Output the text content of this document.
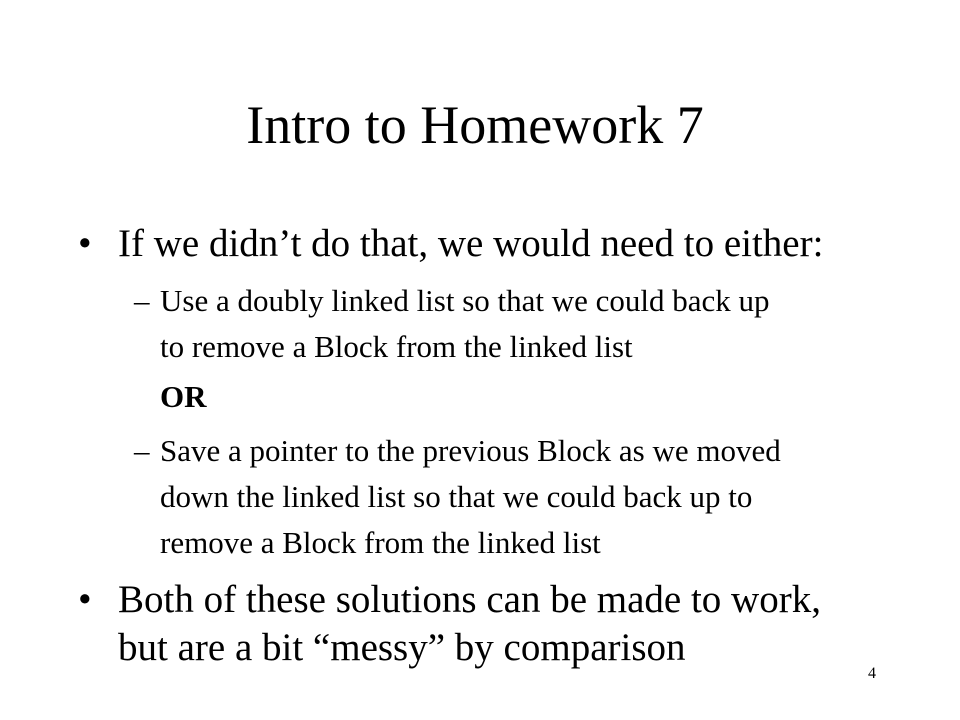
Intro to Homework 7
• If we didn’t do that, we would need to either:
– Use a doubly linked list so that we could back up
to remove a Block from the linked list
OR
– Save a pointer to the previous Block as we moved
down the linked list so that we could back up to
remove a Block from the linked list
• Both of these solutions can be made to work,
but are a bit “messy” by comparison
4
